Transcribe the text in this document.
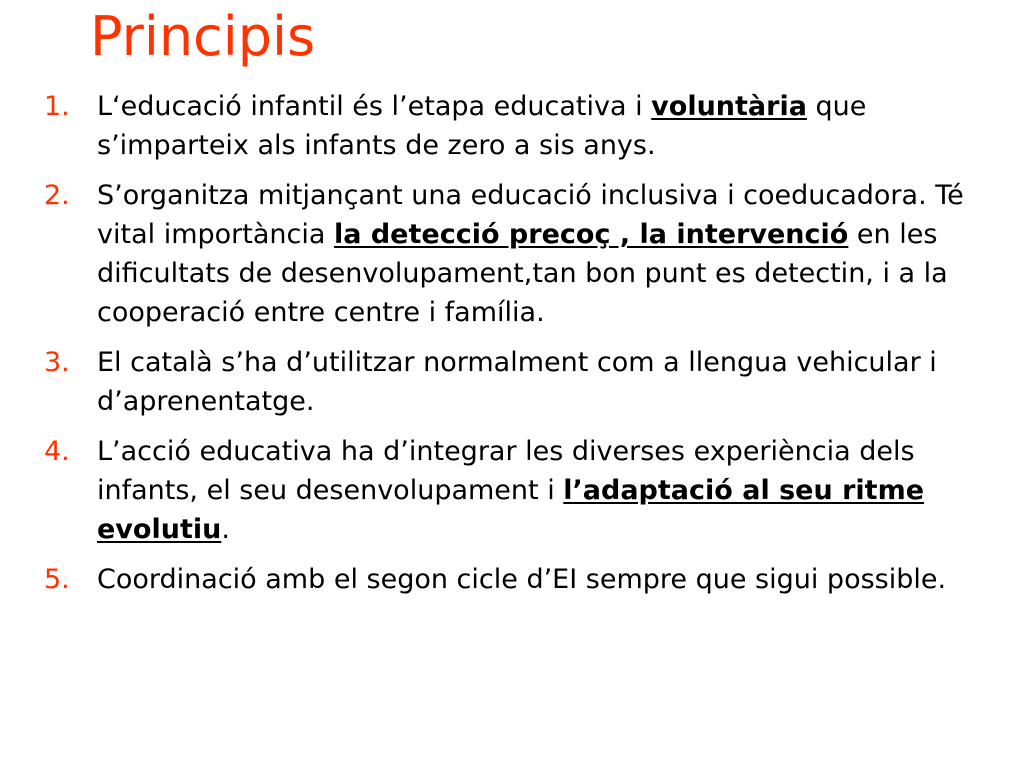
Principis
1.	L‘educació infantil és l’etapa educativa i voluntària que s’imparteix als infants de zero a sis anys.
2.	S’organitza mitjançant una educació inclusiva i coeducadora. Té vital importància la detecció precoç , la intervenció en les dificultats de desenvolupament,tan bon punt es detectin, i a la cooperació entre centre i família.
3.	El català s’ha d’utilitzar normalment com a llengua vehicular i d’aprenentatge.
4.	L’acció educativa ha d’integrar les diverses experiència dels infants, el seu desenvolupament i l’adaptació al seu ritme evolutiu.
5.	Coordinació amb el segon cicle d’EI sempre que sigui possible.
